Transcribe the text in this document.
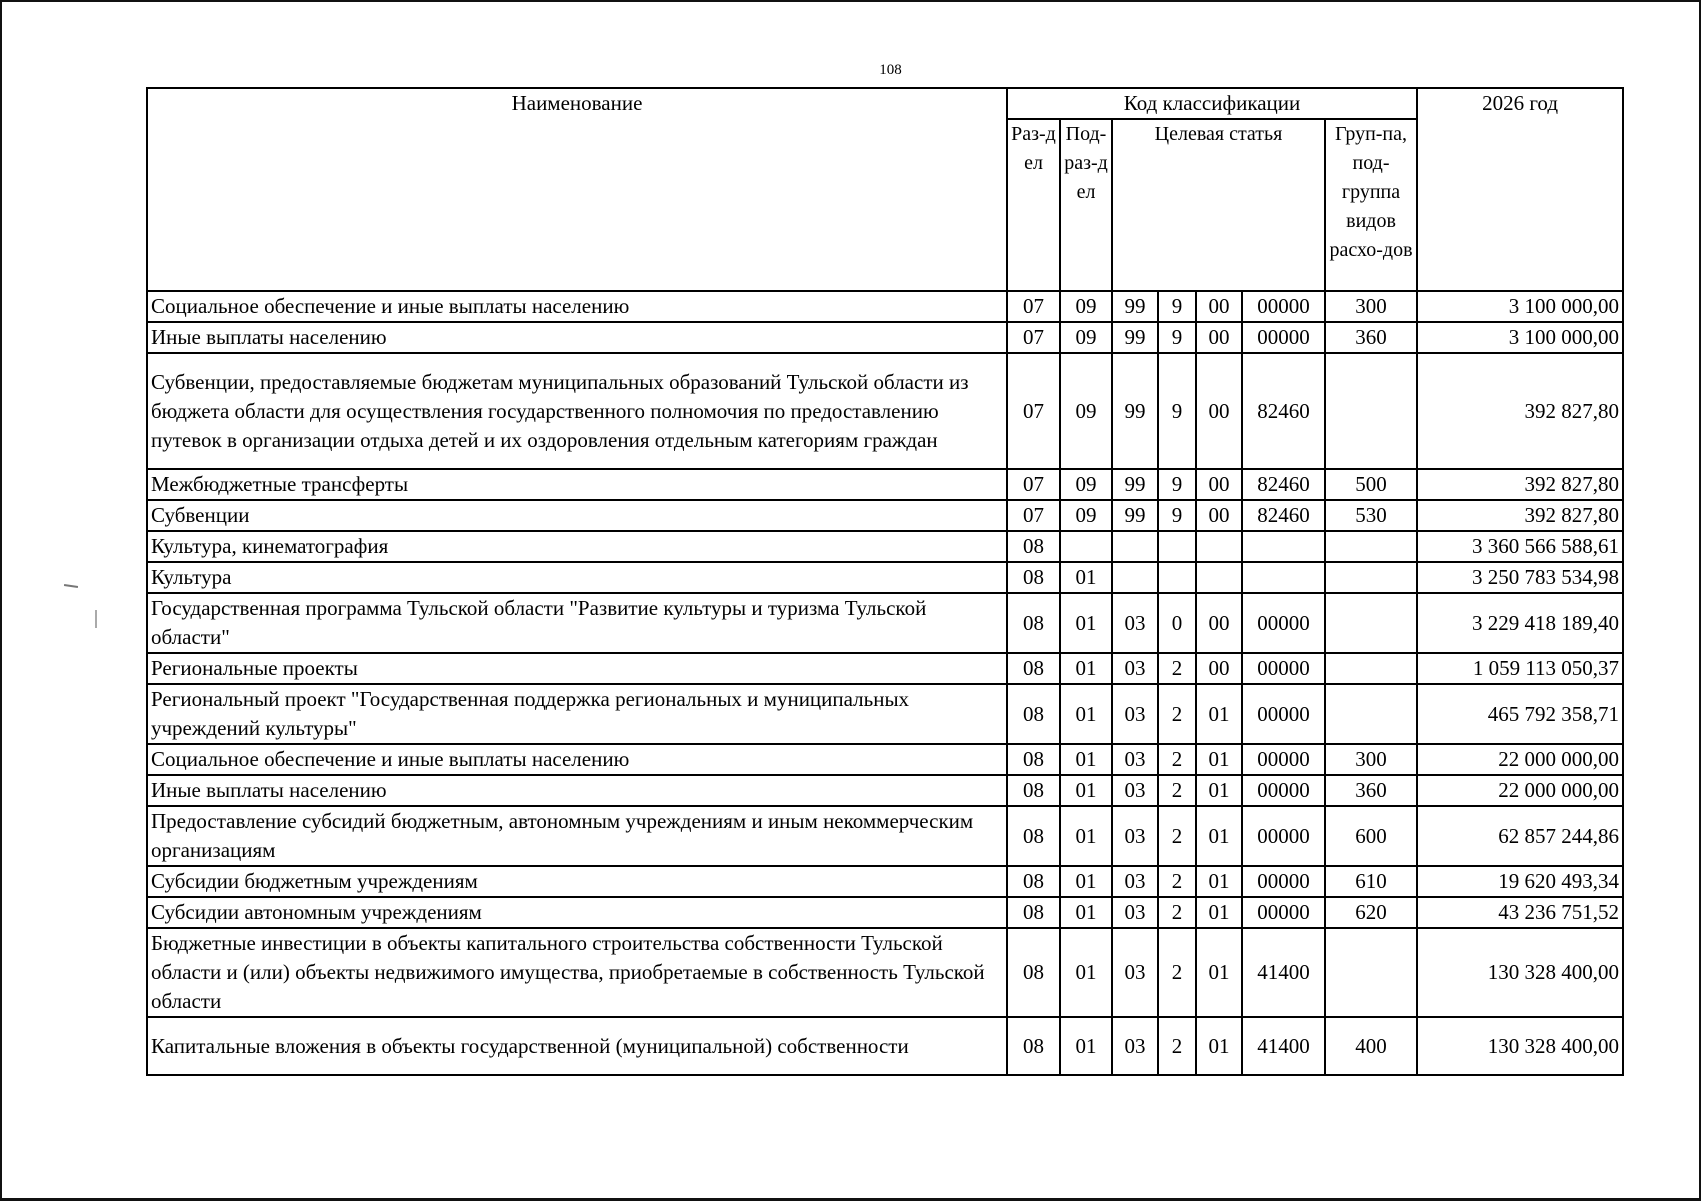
108
Наименование	Код классификации							2026 год
	Раз-дел	Под-раз-дел	Целевая статья				Груп-па, под-группа видов расхо-дов	
Социальное обеспечение и иные выплаты населению	07	09	99	9	00	00000	300	3 100 000,00
Иные выплаты населению	07	09	99	9	00	00000	360	3 100 000,00
Субвенции, предоставляемые бюджетам муниципальных образований Тульской области из бюджета области для осуществления государственного полномочия по предоставлению путевок в организации отдыха детей и их оздоровления отдельным категориям граждан	07	09	99	9	00	82460		392 827,80
Межбюджетные трансферты	07	09	99	9	00	82460	500	392 827,80
Субвенции	07	09	99	9	00	82460	530	392 827,80
Культура, кинематография	08							3 360 566 588,61
Культура	08	01						3 250 783 534,98
Государственная программа Тульской области "Развитие культуры и туризма Тульской области"	08	01	03	0	00	00000		3 229 418 189,40
Региональные проекты	08	01	03	2	00	00000		1 059 113 050,37
Региональный проект "Государственная поддержка региональных и муниципальных учреждений культуры"	08	01	03	2	01	00000		465 792 358,71
Социальное обеспечение и иные выплаты населению	08	01	03	2	01	00000	300	22 000 000,00
Иные выплаты населению	08	01	03	2	01	00000	360	22 000 000,00
Предоставление субсидий бюджетным, автономным учреждениям и иным некоммерческим организациям	08	01	03	2	01	00000	600	62 857 244,86
Субсидии бюджетным учреждениям	08	01	03	2	01	00000	610	19 620 493,34
Субсидии автономным учреждениям	08	01	03	2	01	00000	620	43 236 751,52
Бюджетные инвестиции в объекты капитального строительства собственности Тульской области и (или) объекты недвижимого имущества, приобретаемые в собственность Тульской области	08	01	03	2	01	41400		130 328 400,00
Капитальные вложения в объекты государственной (муниципальной) собственности	08	01	03	2	01	41400	400	130 328 400,00
